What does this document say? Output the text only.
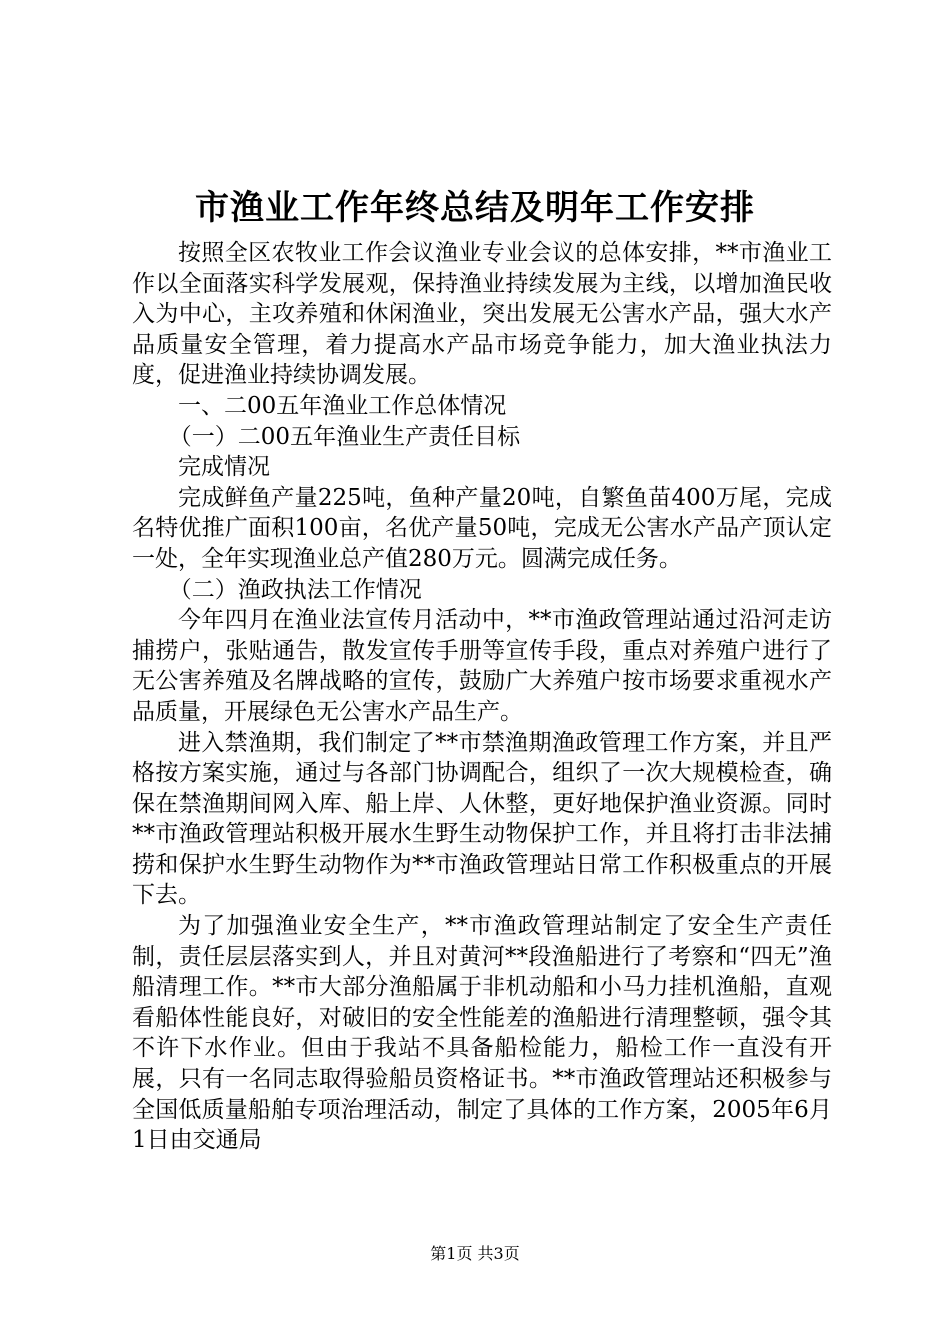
市渔业工作年终总结及明年工作安排

按照全区农牧业工作会议渔业专业会议的总体安排，**市渔业工作以全面落实科学发展观，保持渔业持续发展为主线，以增加渔民收入为中心，主攻养殖和休闲渔业，突出发展无公害水产品，强大水产品质量安全管理，着力提高水产品市场竞争能力，加大渔业执法力度，促进渔业持续协调发展。

一、二00五年渔业工作总体情况

（一）二00五年渔业生产责任目标

完成情况

完成鲜鱼产量225吨，鱼种产量20吨，自繁鱼苗400万尾，完成名特优推广面积100亩，名优产量50吨，完成无公害水产品产顶认定一处，全年实现渔业总产值280万元。圆满完成任务。

（二）渔政执法工作情况

今年四月在渔业法宣传月活动中，**市渔政管理站通过沿河走访捕捞户，张贴通告，散发宣传手册等宣传手段，重点对养殖户进行了无公害养殖及名牌战略的宣传，鼓励广大养殖户按市场要求重视水产品质量，开展绿色无公害水产品生产。

进入禁渔期，我们制定了**市禁渔期渔政管理工作方案，并且严格按方案实施，通过与各部门协调配合，组织了一次大规模检查，确保在禁渔期间网入库、船上岸、人休整，更好地保护渔业资源。同时**市渔政管理站积极开展水生野生动物保护工作，并且将打击非法捕捞和保护水生野生动物作为**市渔政管理站日常工作积极重点的开展下去。

为了加强渔业安全生产，**市渔政管理站制定了安全生产责任制，责任层层落实到人，并且对黄河**段渔船进行了考察和“四无”渔船清理工作。**市大部分渔船属于非机动船和小马力挂机渔船，直观看船体性能良好，对破旧的安全性能差的渔船进行清理整顿，强令其不许下水作业。但由于我站不具备船检能力，船检工作一直没有开展，只有一名同志取得验船员资格证书。**市渔政管理站还积极参与全国低质量船舶专项治理活动，制定了具体的工作方案，2005年6月1日由交通局

第1页 共3页
